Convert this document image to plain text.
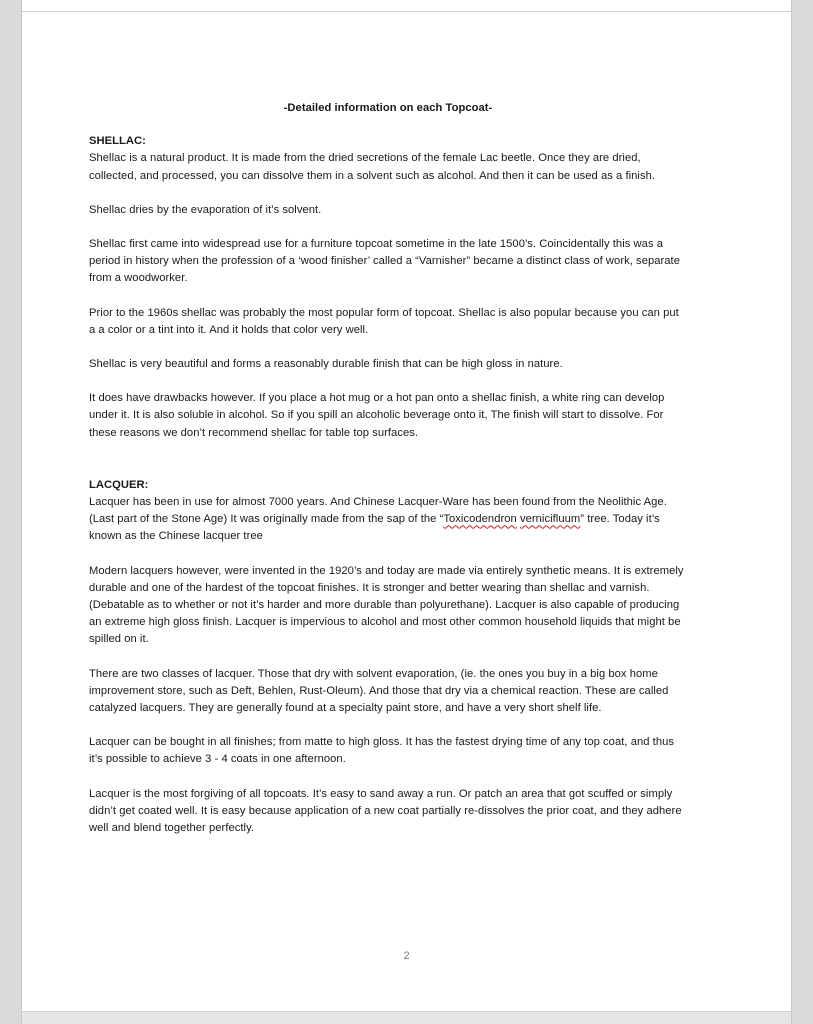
2
-Detailed information on each Topcoat-
SHELLAC:

Shellac is a natural product. It is made from the dried secretions of the female Lac beetle. Once they are dried, collected, and processed, you can dissolve them in a solvent such as alcohol. And then it can be used as a finish.

Shellac dries by the evaporation of it’s solvent.

Shellac first came into widespread use for a furniture topcoat sometime in the late 1500’s. Coincidentally this was a period in history when the profession of a ‘wood finisher’ called a “Varnisher” became a distinct class of work, separate from a woodworker.

Prior to the 1960s shellac was probably the most popular form of topcoat. Shellac is also popular because you can put a a color or a tint into it. And it holds that color very well.

Shellac is very beautiful and forms a reasonably durable finish that can be high gloss in nature.

It does have drawbacks however. If you place a hot mug or a hot pan onto a shellac finish, a white ring can develop under it. It is also soluble in alcohol. So if you spill an alcoholic beverage onto it, The finish will start to dissolve. For these reasons we don’t recommend shellac for table top surfaces.

LACQUER:

Lacquer has been in use for almost 7000 years. And Chinese Lacquer-Ware has been found from the Neolithic Age. (Last part of the Stone Age) It was originally made from the sap of the “Toxicodendron vernicifluum” tree. Today it’s known as the Chinese lacquer tree

Modern lacquers however, were invented in the 1920’s and today are made via entirely synthetic means. It is extremely durable and one of the hardest of the topcoat finishes. It is stronger and better wearing than shellac and varnish. (Debatable as to whether or not it’s harder and more durable than polyurethane). Lacquer is also capable of producing an extreme high gloss finish. Lacquer is impervious to alcohol and most other common household liquids that might be spilled on it.

There are two classes of lacquer. Those that dry with solvent evaporation, (ie. the ones you buy in a big box home improvement store, such as Deft, Behlen, Rust-Oleum). And those that dry via a chemical reaction. These are called catalyzed lacquers. They are generally found at a specialty paint store, and have a very short shelf life.

Lacquer can be bought in all finishes; from matte to high gloss. It has the fastest drying time of any top coat, and thus it’s possible to achieve 3 - 4 coats in one afternoon.

Lacquer is the most forgiving of all topcoats. It’s easy to sand away a run. Or patch an area that got scuffed or simply didn’t get coated well. It is easy because application of a new coat partially re-dissolves the prior coat, and they adhere well and blend together perfectly.
